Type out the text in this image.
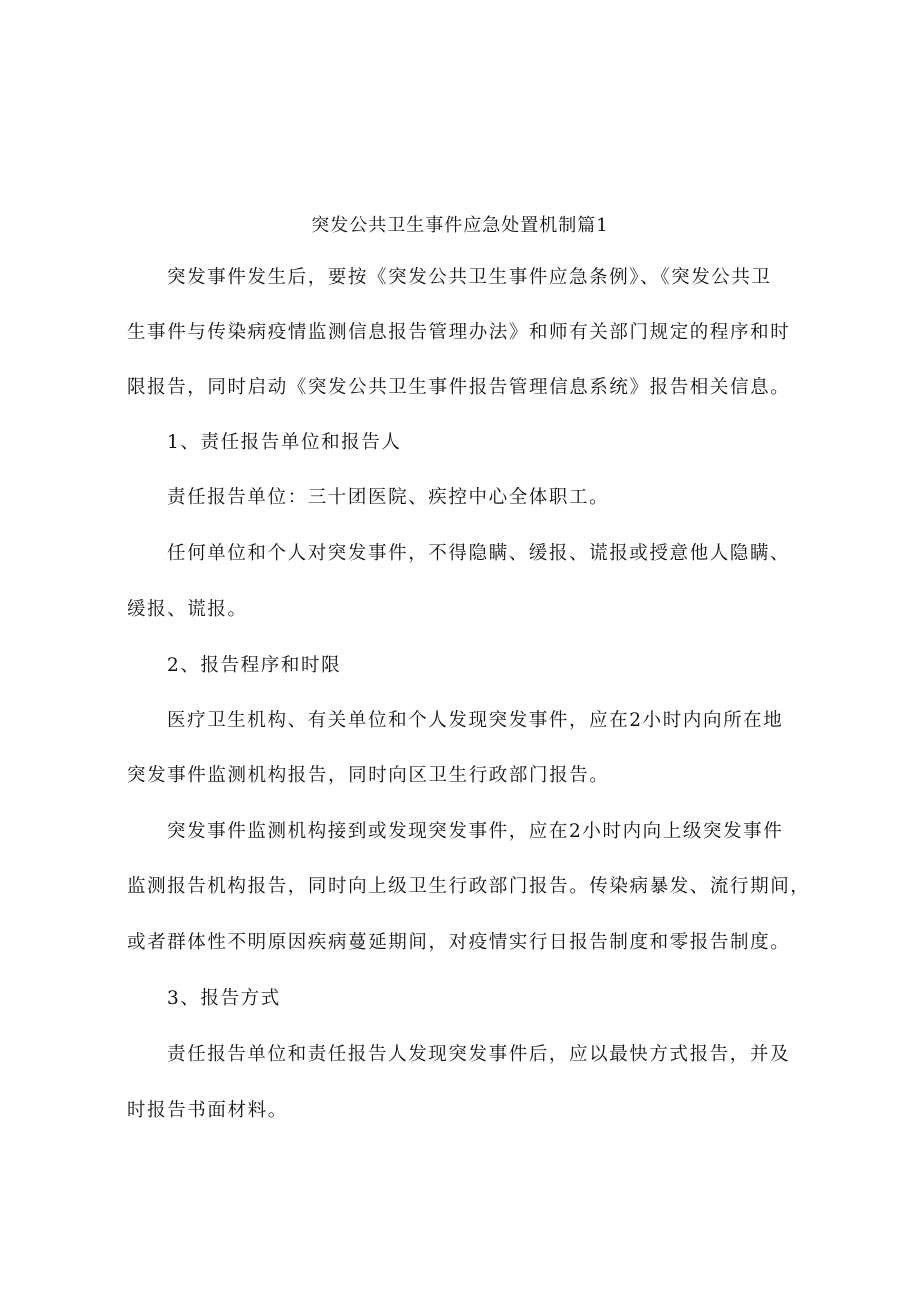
突发公共卫生事件应急处置机制篇1
突发事件发生后，要按《突发公共卫生事件应急条例》、《突发公共卫
生事件与传染病疫情监测信息报告管理办法》和师有关部门规定的程序和时
限报告，同时启动《突发公共卫生事件报告管理信息系统》报告相关信息。
1、责任报告单位和报告人
责任报告单位：三十团医院、疾控中心全体职工。
任何单位和个人对突发事件，不得隐瞒、缓报、谎报或授意他人隐瞒、
缓报、谎报。
2、报告程序和时限
医疗卫生机构、有关单位和个人发现突发事件，应在2小时内向所在地
突发事件监测机构报告，同时向区卫生行政部门报告。
突发事件监测机构接到或发现突发事件，应在2小时内向上级突发事件
监测报告机构报告，同时向上级卫生行政部门报告。传染病暴发、流行期间，
或者群体性不明原因疾病蔓延期间，对疫情实行日报告制度和零报告制度。
3、报告方式
责任报告单位和责任报告人发现突发事件后，应以最快方式报告，并及
时报告书面材料。
